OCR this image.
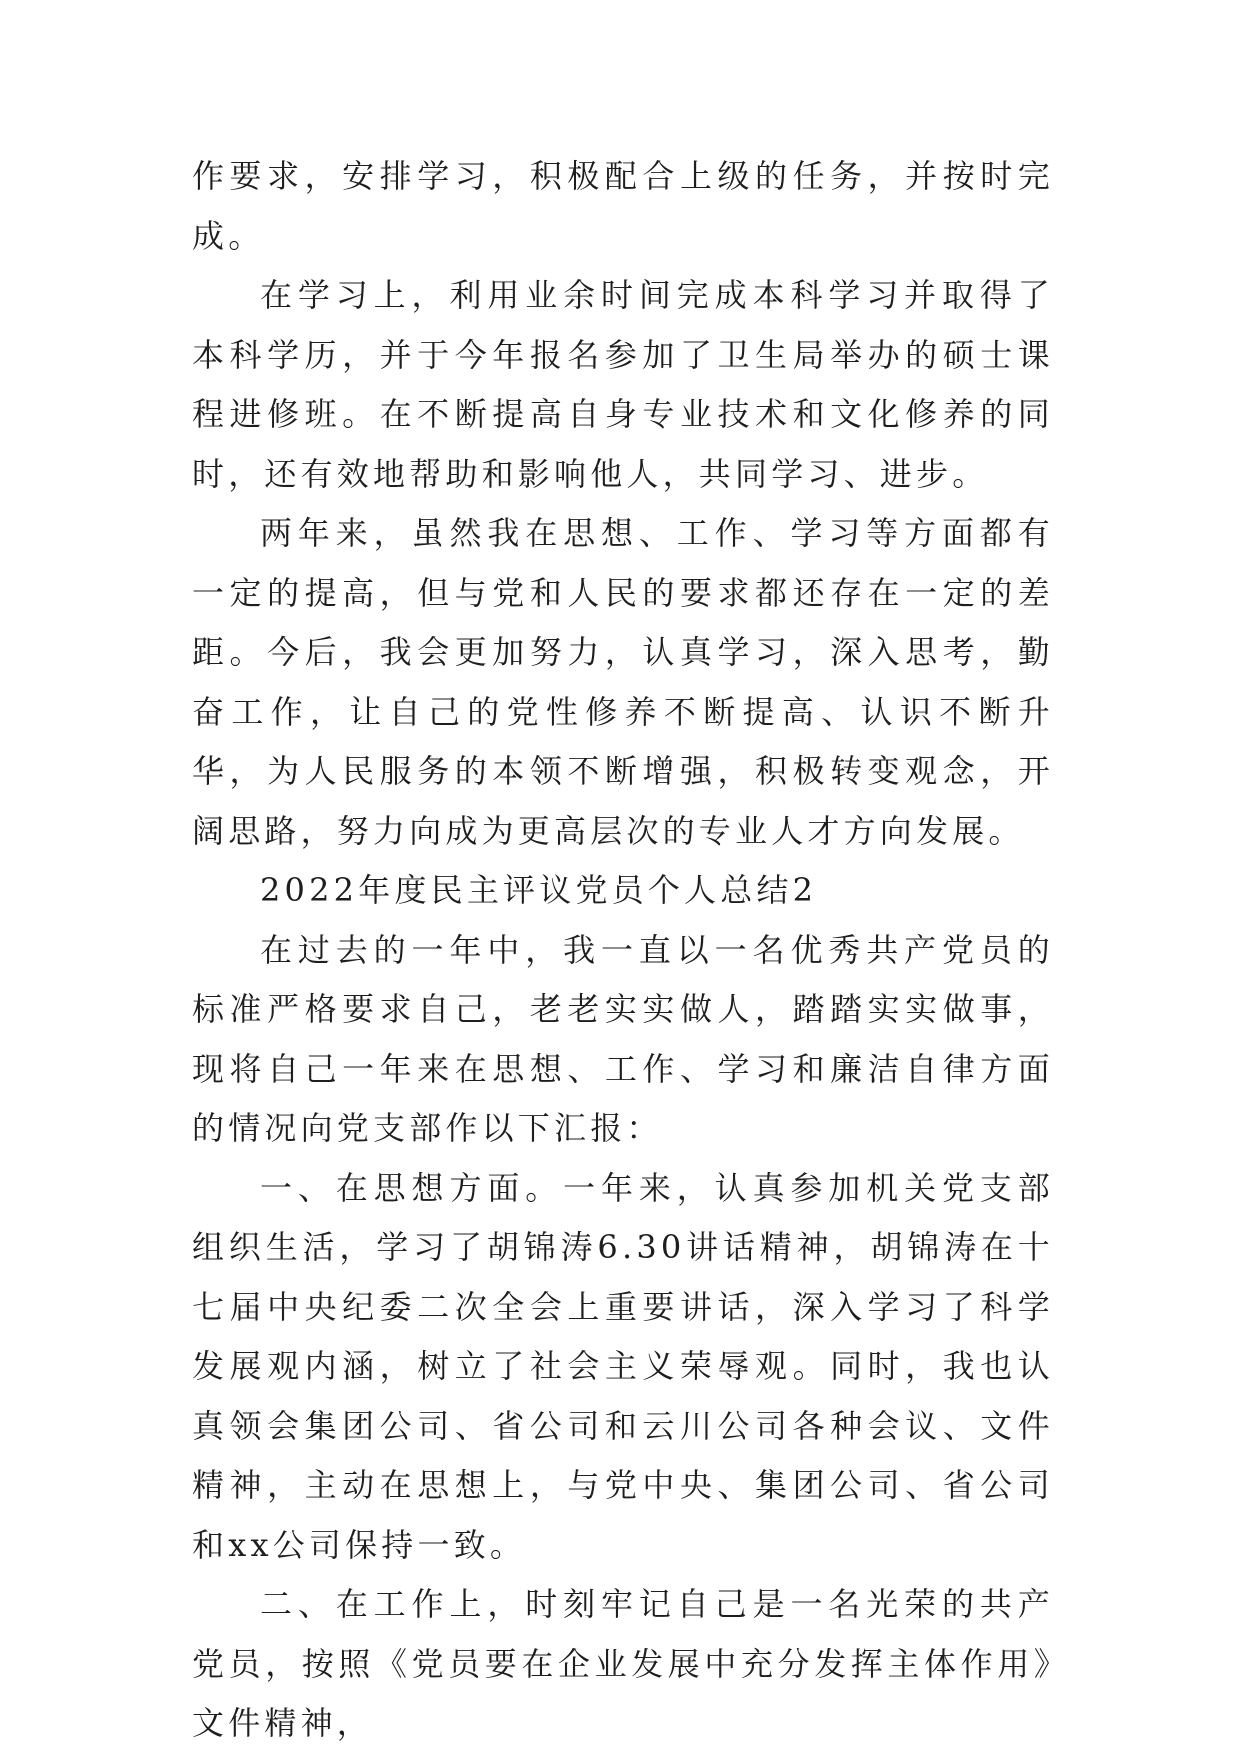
作要求，安排学习，积极配合上级的任务，并按时完成。

在学习上，利用业余时间完成本科学习并取得了本科学历，并于今年报名参加了卫生局举办的硕士课程进修班。在不断提高自身专业技术和文化修养的同时，还有效地帮助和影响他人，共同学习、进步。

两年来，虽然我在思想、工作、学习等方面都有一定的提高，但与党和人民的要求都还存在一定的差距。今后，我会更加努力，认真学习，深入思考，勤奋工作，让自己的党性修养不断提高、认识不断升华，为人民服务的本领不断增强，积极转变观念，开阔思路，努力向成为更高层次的专业人才方向发展。

2022年度民主评议党员个人总结2

在过去的一年中，我一直以一名优秀共产党员的标准严格要求自己，老老实实做人，踏踏实实做事，现将自己一年来在思想、工作、学习和廉洁自律方面的情况向党支部作以下汇报：

一、在思想方面。一年来，认真参加机关党支部组织生活，学习了胡锦涛6.30讲话精神，胡锦涛在十七届中央纪委二次全会上重要讲话，深入学习了科学发展观内涵，树立了社会主义荣辱观。同时，我也认真领会集团公司、省公司和云川公司各种会议、文件精神，主动在思想上，与党中央、集团公司、省公司和xx公司保持一致。

二、在工作上，时刻牢记自己是一名光荣的共产党员，按照《党员要在企业发展中充分发挥主体作用》文件精神，
